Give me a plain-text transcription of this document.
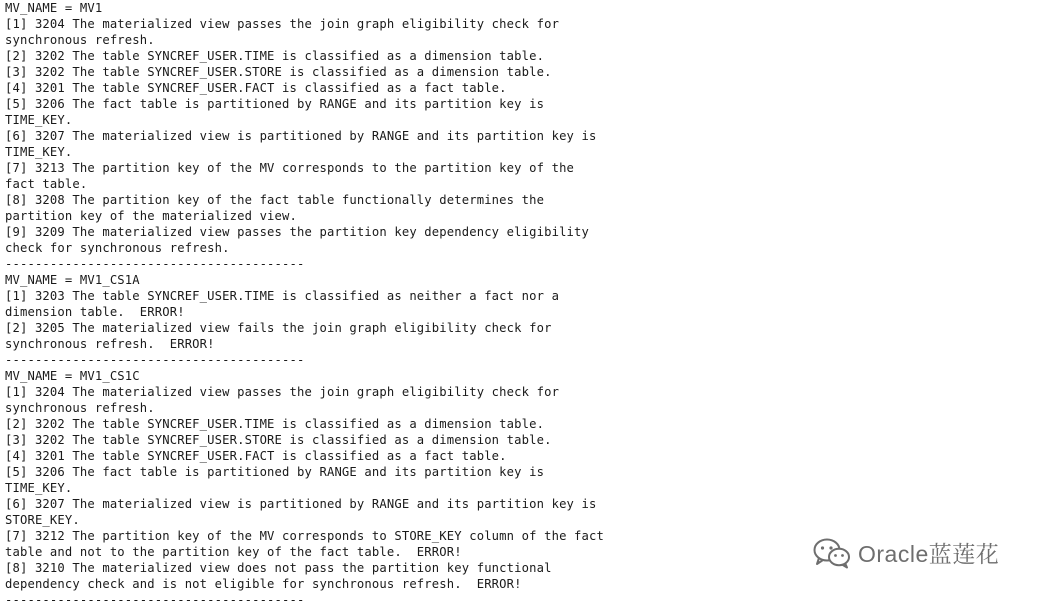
MV_NAME = MV1
[1] 3204 The materialized view passes the join graph eligibility check for
synchronous refresh.
[2] 3202 The table SYNCREF_USER.TIME is classified as a dimension table.
[3] 3202 The table SYNCREF_USER.STORE is classified as a dimension table.
[4] 3201 The table SYNCREF_USER.FACT is classified as a fact table.
[5] 3206 The fact table is partitioned by RANGE and its partition key is
TIME_KEY.
[6] 3207 The materialized view is partitioned by RANGE and its partition key is
TIME_KEY.
[7] 3213 The partition key of the MV corresponds to the partition key of the
fact table.
[8] 3208 The partition key of the fact table functionally determines the
partition key of the materialized view.
[9] 3209 The materialized view passes the partition key dependency eligibility
check for synchronous refresh.
----------------------------------------
MV_NAME = MV1_CS1A
[1] 3203 The table SYNCREF_USER.TIME is classified as neither a fact nor a
dimension table.  ERROR!
[2] 3205 The materialized view fails the join graph eligibility check for
synchronous refresh.  ERROR!
----------------------------------------
MV_NAME = MV1_CS1C
[1] 3204 The materialized view passes the join graph eligibility check for
synchronous refresh.
[2] 3202 The table SYNCREF_USER.TIME is classified as a dimension table.
[3] 3202 The table SYNCREF_USER.STORE is classified as a dimension table.
[4] 3201 The table SYNCREF_USER.FACT is classified as a fact table.
[5] 3206 The fact table is partitioned by RANGE and its partition key is
TIME_KEY.
[6] 3207 The materialized view is partitioned by RANGE and its partition key is
STORE_KEY.
[7] 3212 The partition key of the MV corresponds to STORE_KEY column of the fact
table and not to the partition key of the fact table.  ERROR!
[8] 3210 The materialized view does not pass the partition key functional
dependency check and is not eligible for synchronous refresh.  ERROR!
----------------------------------------
Oracle蓝莲花
